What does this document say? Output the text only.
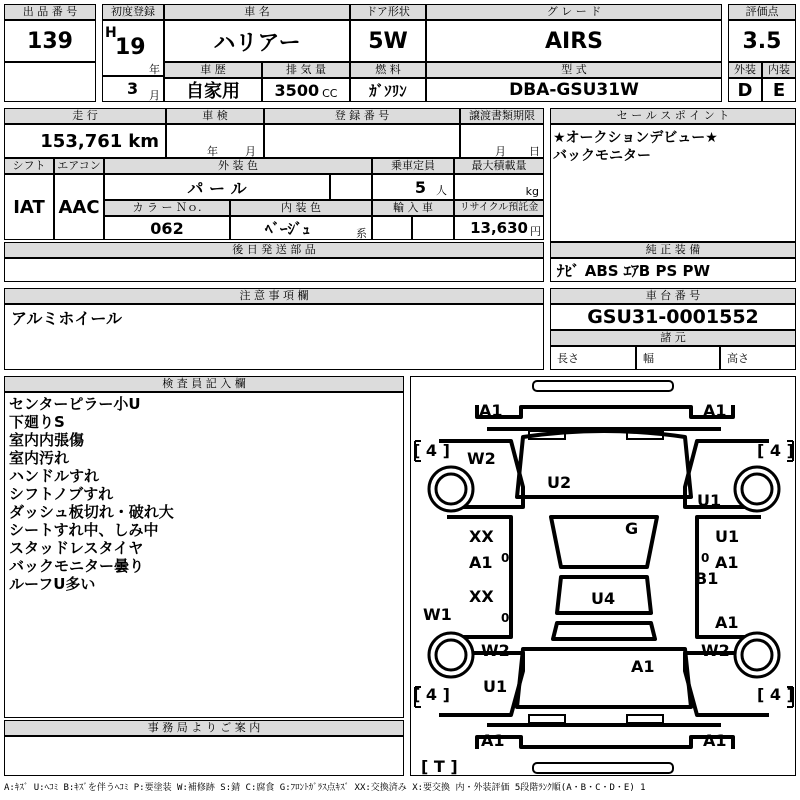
出 品 番 号
139
初度登録
H
19
年
3 月
車 名
ハリアー
ドア形状
5W
グ レ ー ド
AIRS
車 歴
自家用
排 気 量
3500 CC
燃 料
ｶﾞｿﾘﾝ
型 式
DBA-GSU31W
評価点
3.5
外装	内装
D	E
走 行
153,761 km
車 検
年 月
登 録 番 号	譲渡書類期限
月 日
シフト
IAT
エアコン
AAC
外 装 色
パ ー ル
乗車定員
5 人
最大積載量
kg
カ ラ ー Ｎｏ.
062
内 装 色
ﾍﾞｰｼﾞｭ	系
輸 入 車	リサイクル預託金
13,630 円
後 日 発 送 部 品
セ ー ル ス ポ イ ン ト
★オークションデビュー★
バックモニター
純 正 装 備
ﾅﾋﾞ ABS ｴｱB PS PW
注 意 事 項 欄
アルミホイール
車 台 番 号
GSU31-0001552
諸 元
長さ	幅	高さ
検 査 員 記 入 欄
センターピラー小U
下廻りS
室内内張傷
室内汚れ
ハンドルすれ
シフトノブすれ
ダッシュ板切れ・破れ大
シートすれ中、しみ中
スタッドレスタイヤ
バックモニター曇り
ルーフU多い
事 務 局 よ り ご 案 内
A1	A1
[ 4 ]	[ 4 ]
W2
U2
U1
G
XX
A1 0
U1
A1
0
B1
XX
0
U4
W1	A1
W2	W2
A1
U1
[ 4 ]	[ 4 ]
A1	A1
[ T ]
A:ｷｽﾞ U:ﾍｺﾐ B:ｷｽﾞを伴うﾍｺﾐ P:要塗装 W:補修跡 S:錆 C:腐食 G:ﾌﾛﾝﾄｶﾞﾗｽ点ｷｽﾞ XX:交換済み X:要交換 内・外装評価 5段階ﾗﾝｸ順(A・B・C・D・E) 1
